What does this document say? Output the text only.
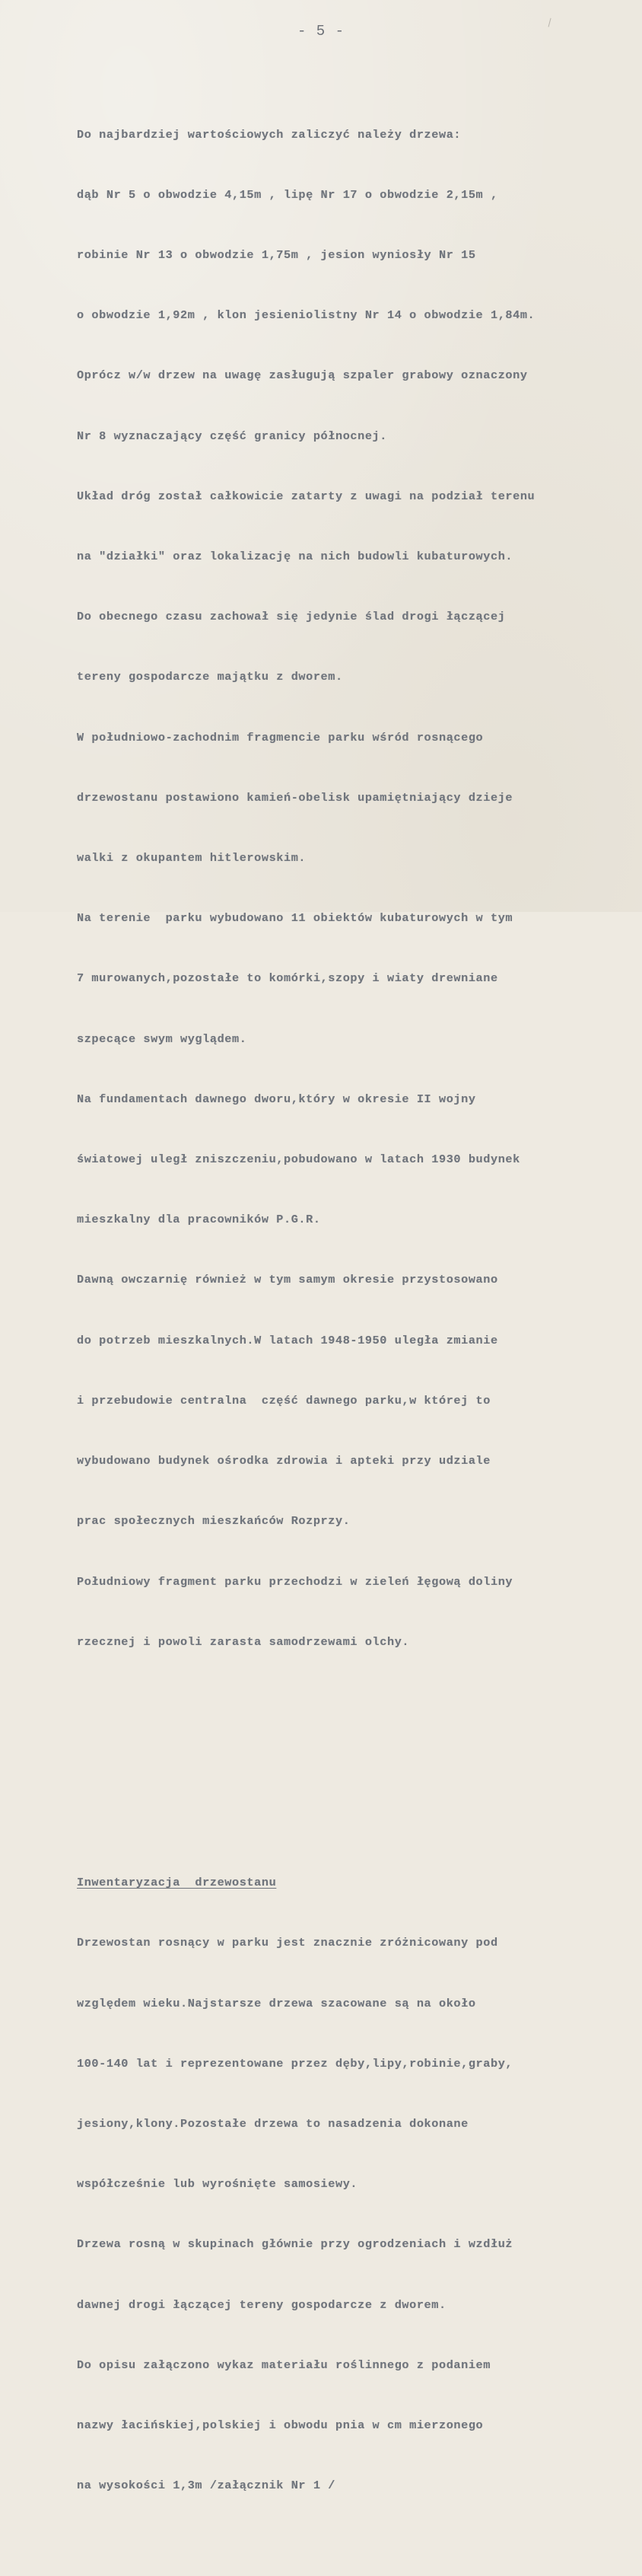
- 5 -

Do najbardziej wartościowych zaliczyć należy drzewa:

dąb Nr 5 o obwodzie 4,15m , lipę Nr 17 o obwodzie 2,15m ,

robinie Nr 13 o obwodzie 1,75m , jesion wyniosły Nr 15

o obwodzie 1,92m , klon jesieniolistny Nr 14 o obwodzie 1,84m.

Oprócz w/w drzew na uwagę zasługują szpaler grabowy oznaczony

Nr 8 wyznaczający część granicy północnej.

Układ dróg został całkowicie zatarty z uwagi na podział terenu

na "działki" oraz lokalizację na nich budowli kubaturowych.

Do obecnego czasu zachował się jedynie ślad drogi łączącej

tereny gospodarcze majątku z dworem.

W południowo-zachodnim fragmencie parku wśród rosnącego

drzewostanu postawiono kamień-obelisk upamiętniający dzieje

walki z okupantem hitlerowskim.

Na terenie  parku wybudowano 11 obiektów kubaturowych w tym

7 murowanych,pozostałe to komórki,szopy i wiaty drewniane

szpecące swym wyglądem.

Na fundamentach dawnego dworu,który w okresie II wojny

światowej uległ zniszczeniu,pobudowano w latach 1930 budynek

mieszkalny dla pracowników P.G.R.

Dawną owczarnię również w tym samym okresie przystosowano

do potrzeb mieszkalnych.W latach 1948-1950 uległa zmianie

i przebudowie centralna  część dawnego parku,w której to

wybudowano budynek ośrodka zdrowia i apteki przy udziale

prac społecznych mieszkańców Rozprzy.

Południowy fragment parku przechodzi w zieleń łęgową doliny

rzecznej i powoli zarasta samodrzewami olchy.

Inwentaryzacja  drzewostanu

Drzewostan rosnący w parku jest znacznie zróżnicowany pod

względem wieku.Najstarsze drzewa szacowane są na około

100-140 lat i reprezentowane przez dęby,lipy,robinie,graby,

jesiony,klony.Pozostałe drzewa to nasadzenia dokonane

współcześnie lub wyrośnięte samosiewy.

Drzewa rosną w skupinach głównie przy ogrodzeniach i wzdłuż

dawnej drogi łączącej tereny gospodarcze z dworem.

Do opisu załączono wykaz materiału roślinnego z podaniem

nazwy łacińskiej,polskiej i obwodu pnia w cm mierzonego

na wysokości 1,3m /załącznik Nr 1 /
